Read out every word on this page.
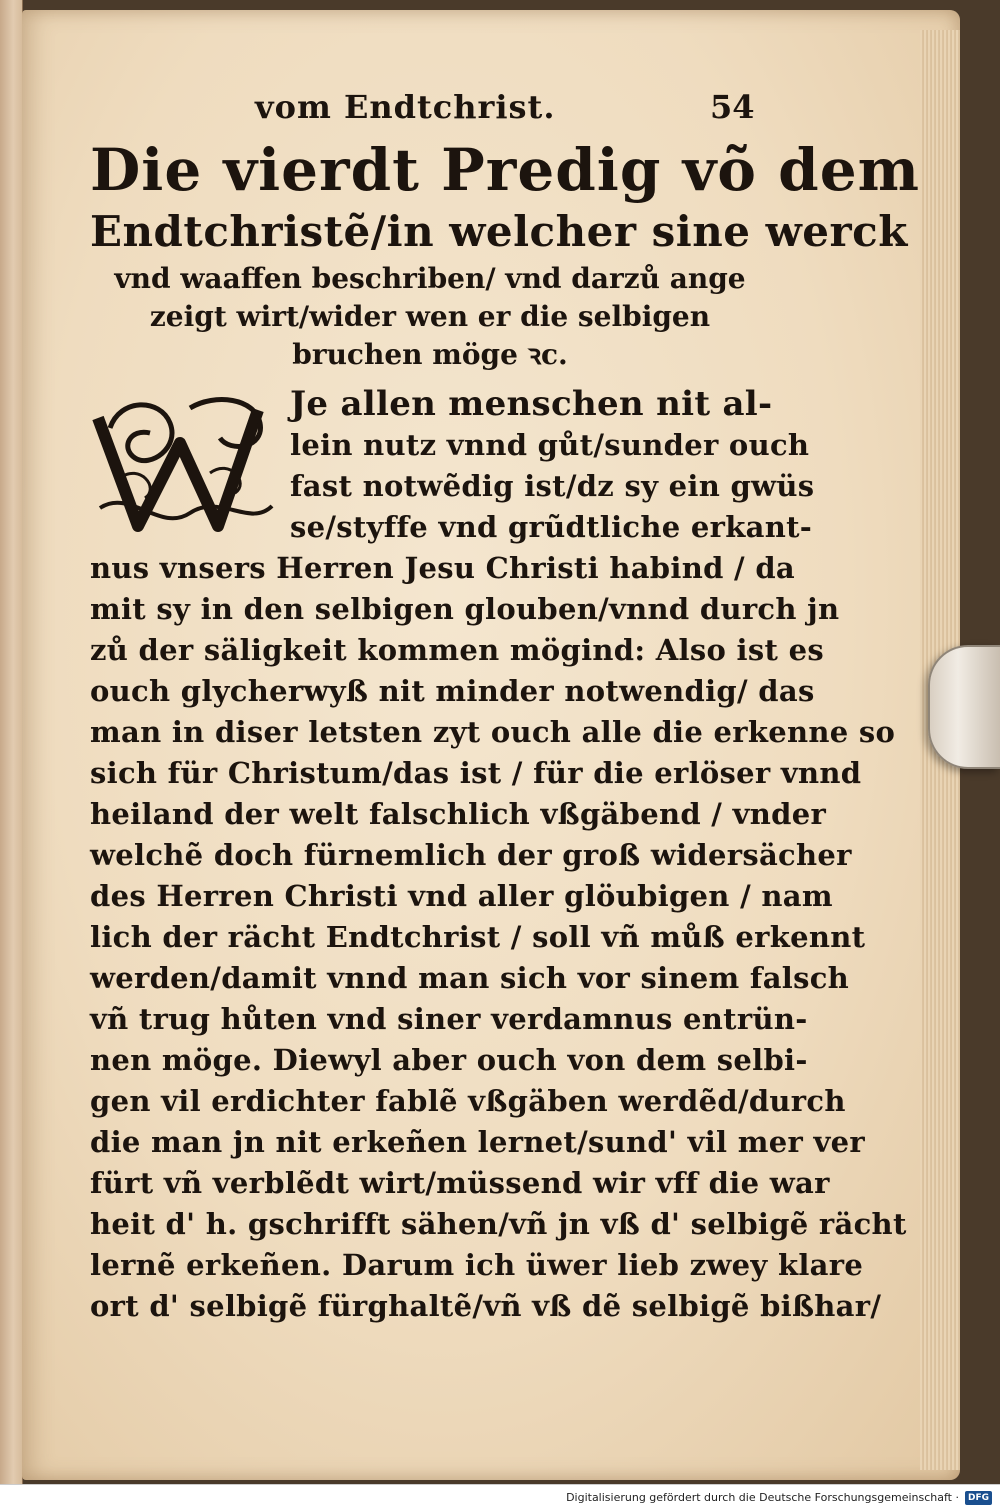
vom Endtchrist.	54
Die vierdt Predig võ dem
Endtchristẽ/in welcher sine werck
vnd waaffen beschriben/ vnd darzů ange
zeigt wirt/wider wen er die selbigen
bruchen möge ꝛc.
Je allen menschen nit al-
lein nutz vnnd gůt/sunder ouch
fast notwẽdig ist/dz sy ein gwüs
se/styffe vnd grũdtliche erkant-
nus vnsers Herren Jesu Christi habind / da
mit sy in den selbigen glouben/vnnd durch jn
zů der säligkeit kommen mögind: Also ist es
ouch glycherwyß nit minder notwendig/ das
man in diser letsten zyt ouch alle die erkenne so
sich für Christum/das ist / für die erlöser vnnd
heiland der welt falschlich vßgäbend / vnder
welchẽ doch fürnemlich der groß widersächer
des Herren Christi vnd aller glöubigen / nam
lich der rächt Endtchrist / soll vñ můß erkennt
werden/damit vnnd man sich vor sinem falsch
vñ trug hůten vnd siner verdamnus entrün-
nen möge. Diewyl aber ouch von dem selbi-
gen vil erdichter fablẽ vßgäben werdẽd/durch
die man jn nit erkeñen lernet/sund' vil mer ver
fürt vñ verblẽdt wirt/müssend wir vff die war
heit d' h. gschrifft sähen/vñ jn vß d' selbigẽ rächt
lernẽ erkeñen. Darum ich üwer lieb zwey klare
ort d' selbigẽ fürghaltẽ/vñ vß dẽ selbigẽ bißhar/
Digitalisierung gefördert durch die Deutsche Forschungsgemeinschaft ·	DFG
